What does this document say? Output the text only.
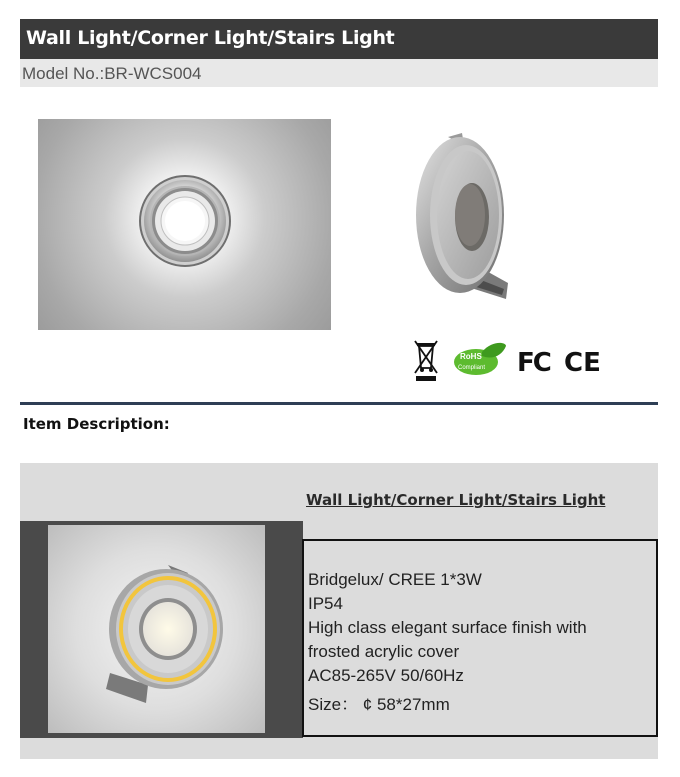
Wall Light/Corner Light/Stairs Light
Model No.:BR-WCS004
RoHS
Compliant FC CE
Item Description:
Wall Light/Corner Light/Stairs Light
Bridgelux/ CREE 1*3W
IP54
High class elegant surface finish with
frosted acrylic cover
AC85-265V 50/60Hz
Size： ¢ 58*27mm
